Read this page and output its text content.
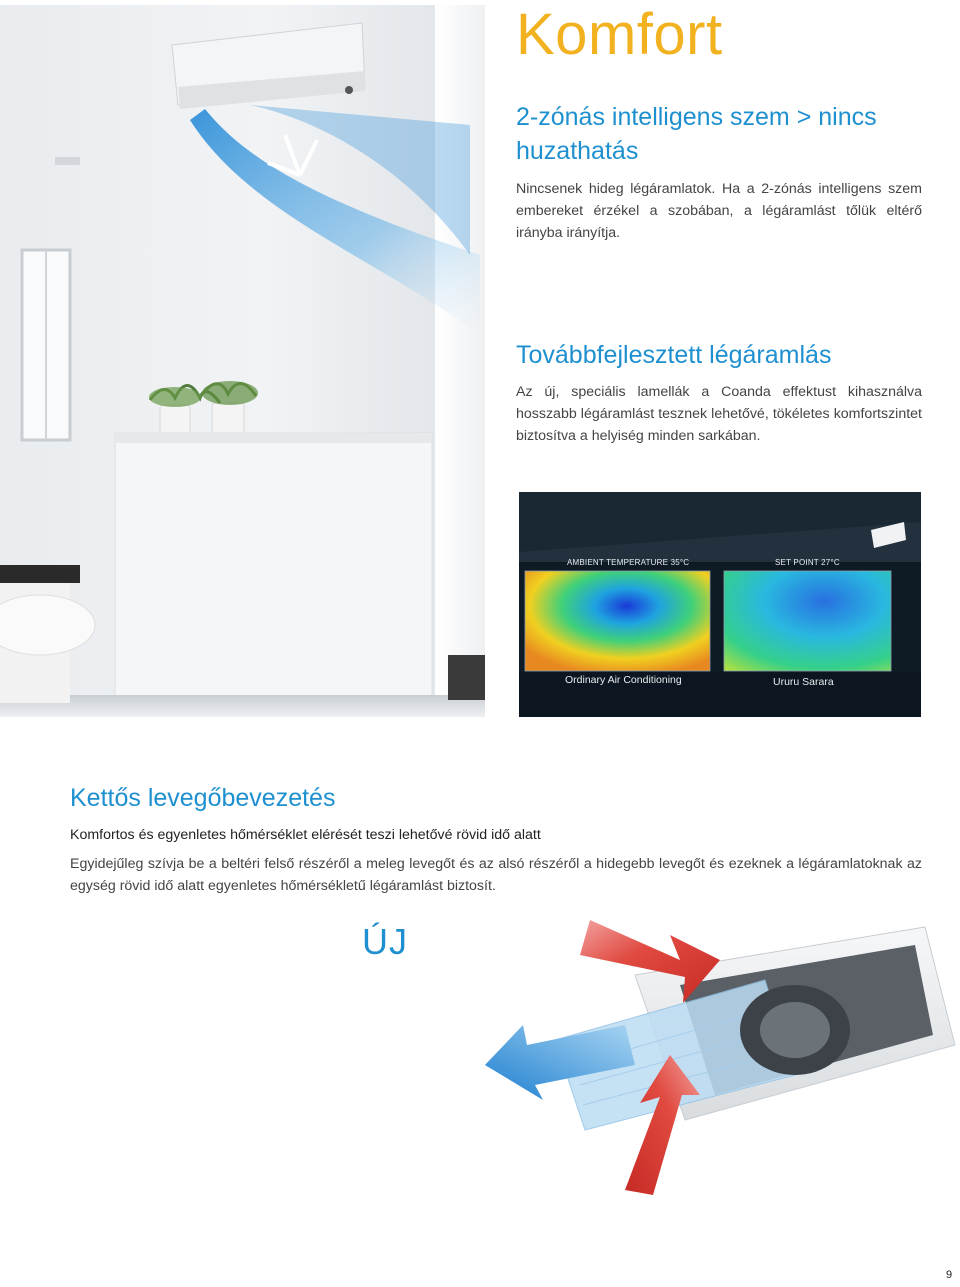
Komfort
2-zónás intelligens szem > nincs huzathatás

Nincsenek hideg légáramlatok. Ha a 2-zónás intelligens szem embereket érzékel a szobában, a légáramlást tőlük eltérő irányba irányítja.

Továbbfejlesztett légáramlás

Az új, speciális lamellák a Coanda effektust kihasználva hosszabb légáramlást tesznek lehetővé, tökéletes komfortszintet biztosítva a helyiség minden sarkában.

AMBIENT TEMPERATURE 35°C	SET POINT 27°C
Ordinary Air Conditioning	Ururu Sarara
Kettős levegőbevezetés
Komfortos és egyenletes hőmérséklet elérését teszi lehetővé rövid idő alatt

Egyidejűleg szívja be a beltéri felső részéről a meleg levegőt és az alsó részéről a hidegebb levegőt és ezeknek a légáramlatoknak az egység rövid idő alatt egyenletes hőmérsékletű légáramlást biztosít.

ÚJ
9
